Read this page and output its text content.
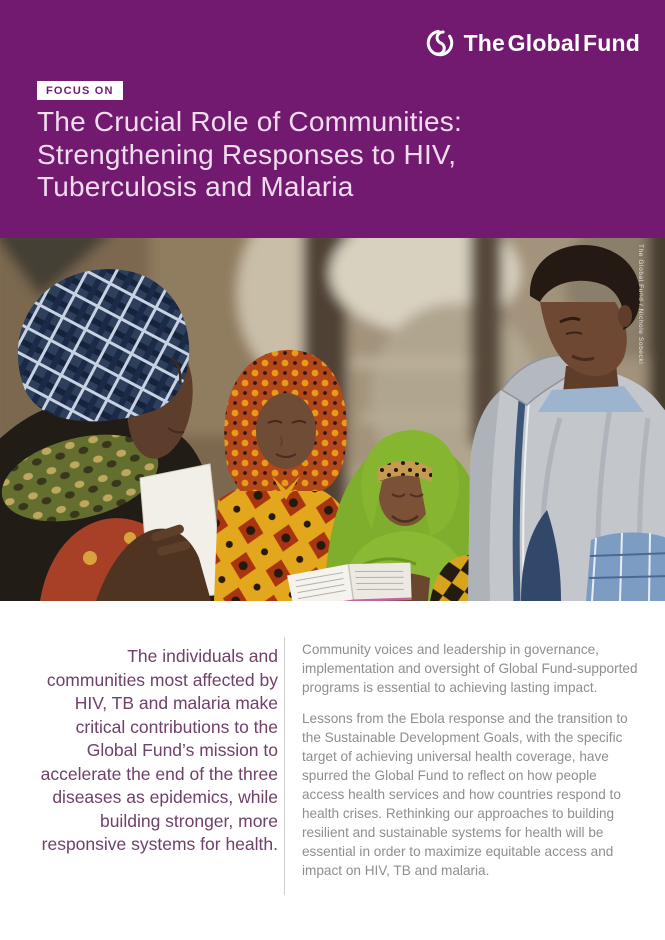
The Global Fund
FOCUS ON
The Crucial Role of Communities:
Strengthening Responses to HIV,
Tuberculosis and Malaria
The Global Fund / Nichole Sobecki

The individuals and communities most affected by HIV, TB and malaria make critical contributions to the Global Fund’s mission to accelerate the end of the three diseases as epidemics, while building stronger, more responsive systems for health.

Community voices and leadership in governance, implementation and oversight of Global Fund-supported programs is essential to achieving lasting impact.

Lessons from the Ebola response and the transition to the Sustainable Development Goals, with the specific target of achieving universal health coverage, have spurred the Global Fund to reflect on how people access health services and how countries respond to health crises. Rethinking our approaches to building resilient and sustainable systems for health will be essential in order to maximize equitable access and impact on HIV, TB and malaria.
